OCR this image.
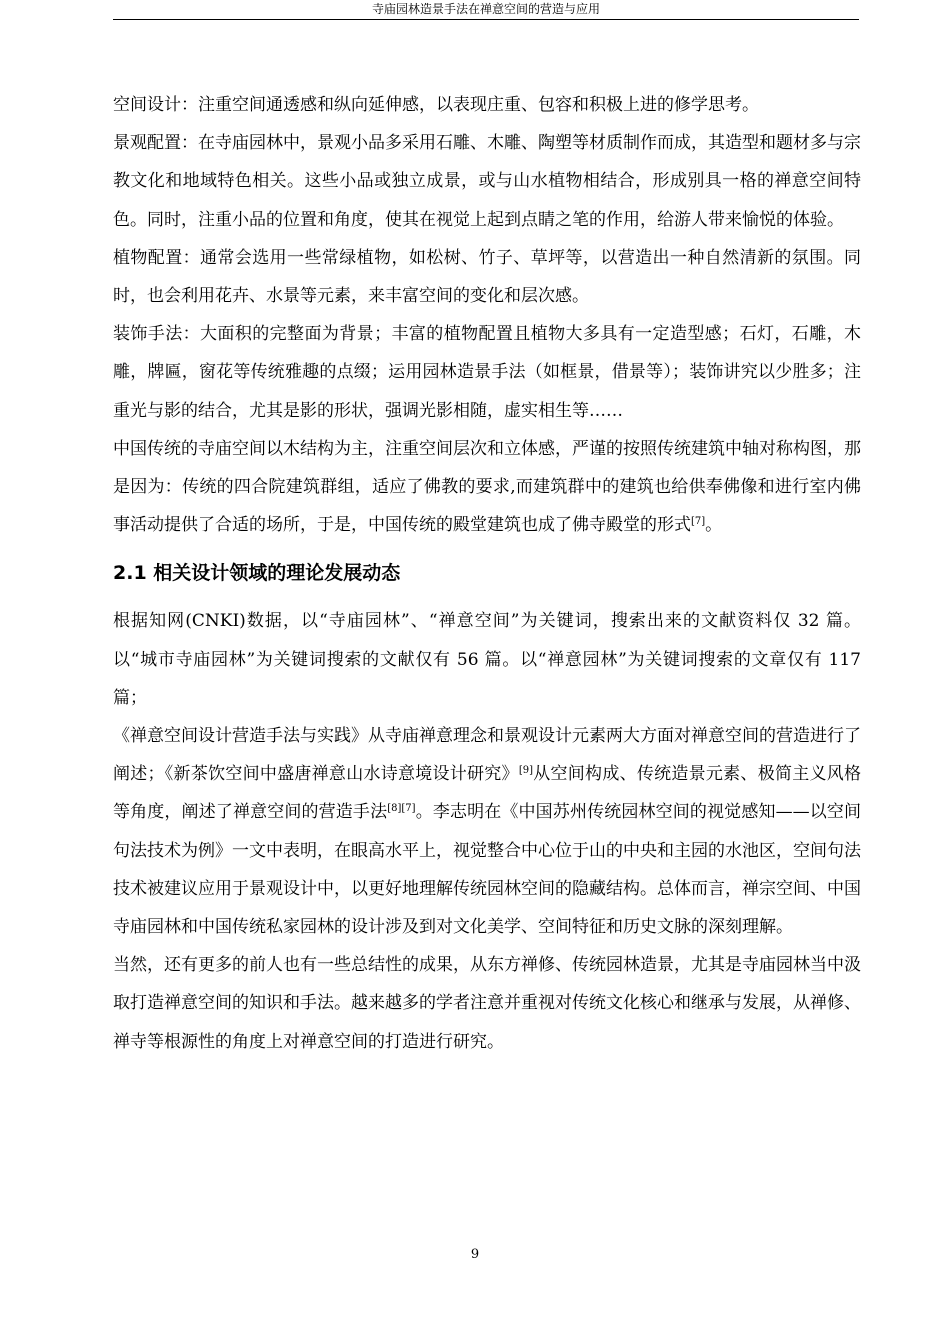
寺庙园林造景手法在禅意空间的营造与应用

空间设计：注重空间通透感和纵向延伸感，以表现庄重、包容和积极上进的修学思考。

景观配置：在寺庙园林中，景观小品多采用石雕、木雕、陶塑等材质制作而成，其造型和题材多与宗教文化和地域特色相关。这些小品或独立成景，或与山水植物相结合，形成别具一格的禅意空间特色。同时，注重小品的位置和角度，使其在视觉上起到点睛之笔的作用，给游人带来愉悦的体验。

植物配置：通常会选用一些常绿植物，如松树、竹子、草坪等，以营造出一种自然清新的氛围。同时，也会利用花卉、水景等元素，来丰富空间的变化和层次感。

装饰手法：大面积的完整面为背景；丰富的植物配置且植物大多具有一定造型感；石灯，石雕，木雕，牌匾，窗花等传统雅趣的点缀；运用园林造景手法（如框景，借景等）；装饰讲究以少胜多；注重光与影的结合，尤其是影的形状，强调光影相随，虚实相生等……

中国传统的寺庙空间以木结构为主，注重空间层次和立体感，严谨的按照传统建筑中轴对称构图，那是因为：传统的四合院建筑群组，适应了佛教的要求,而建筑群中的建筑也给供奉佛像和进行室内佛事活动提供了合适的场所，于是，中国传统的殿堂建筑也成了佛寺殿堂的形式[7]。

2.1 相关设计领域的理论发展动态

根据知网(CNKI)数据，以“寺庙园林”、“禅意空间”为关键词，搜索出来的文献资料仅 32 篇。以“城市寺庙园林”为关键词搜索的文献仅有 56 篇。以“禅意园林”为关键词搜索的文章仅有 117 篇；

《禅意空间设计营造手法与实践》从寺庙禅意理念和景观设计元素两大方面对禅意空间的营造进行了阐述；《新茶饮空间中盛唐禅意山水诗意境设计研究》[9]从空间构成、传统造景元素、极简主义风格等角度，阐述了禅意空间的营造手法[8][7]。李志明在《中国苏州传统园林空间的视觉感知——以空间句法技术为例》一文中表明，在眼高水平上，视觉整合中心位于山的中央和主园的水池区，空间句法技术被建议应用于景观设计中，以更好地理解传统园林空间的隐藏结构。总体而言，禅宗空间、中国寺庙园林和中国传统私家园林的设计涉及到对文化美学、空间特征和历史文脉的深刻理解。

当然，还有更多的前人也有一些总结性的成果，从东方禅修、传统园林造景，尤其是寺庙园林当中汲取打造禅意空间的知识和手法。越来越多的学者注意并重视对传统文化核心和继承与发展，从禅修、禅寺等根源性的角度上对禅意空间的打造进行研究。

9
